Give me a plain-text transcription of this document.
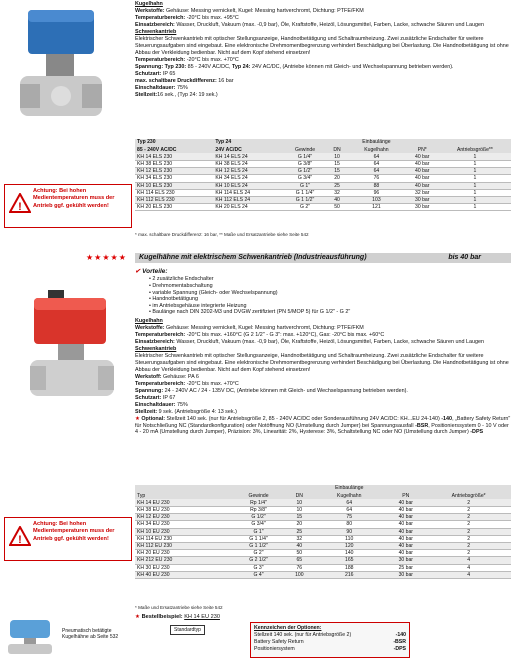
Kugelhahn

Werkstoffe: Gehäuse: Messing vernickelt, Kugel: Messing hartverchromt, Dichtung: PTFE/FKM

Temperaturbereich: -20°C bis max. +95°C

Einsatzbereich: Wasser, Druckluft, Vakuum (max. -0,9 bar), Öle, Kraftstoffe, Heizöl, Lösungsmittel, Farben, Lacke, schwache Säuren und Laugen

Schwenkantrieb

Elektrischer Schwenkantrieb mit optischer Stellungsanzeige, Handnotbetätigung und Schaltraumheizung. Zwei zusätzliche Endschalter für weitere Steuerungsaufgaben sind eingebaut. Eine elektronische Drehmomentbegrenzung verhindert Beschädigung bei Überlastung. Die Handnotbetätigung ist ohne Abbau der Verkleidung bedienbar. Nicht auf dem Kopf stehend einsetzen!

Temperaturbereich: -20°C bis max. +70°C

Spannung: Typ 230: 85 - 240V AC/DC, Typ 24: 24V AC/DC, (Antriebe können mit Gleich- und Wechselspannung betrieben werden).

Schutzart: IP 65

max. schaltbare Druckdifferenz: 16 bar

Einschaltdauer: 75%

Stellzeit:16 sek., (Typ 24: 19 sek.)

Typ 230	Typ 24			Einbaulänge		
85 - 240V AC/DC	24V AC/DC	Gewinde	DN	Kugelhahn	PN*	Antriebsgröße**
KH 14 ELS 230	KH 14 ELS 24	G 1/4"	10	64	40 bar	1
KH 38 ELS 230	KH 38 ELS 24	G 3/8"	15	64	40 bar	1
KH 12 ELS 230	KH 12 ELS 24	G 1/2"	15	64	40 bar	1
KH 34 ELS 230	KH 34 ELS 24	G 3/4"	20	76	40 bar	1
KH 10 ELS 230	KH 10 ELS 24	G 1"	25	88	40 bar	1
KH 114 ELS 230	KH 114 ELS 24	G 1 1/4"	32	96	32 bar	1
KH 112 ELS 230	KH 112 ELS 24	G 1 1/2"	40	103	30 bar	1
KH 20 ELS 230	KH 20 ELS 24	G 2"	50	121	30 bar	1
* max. schaltbare Druckdifferenz: 16 bar, ** Maße und Ersatzantriebe siehe Seite 542
!
Achtung: Bei hohen Medientemperaturen muss der Antrieb ggf. gekühlt werden!
★★★★★	Kugelhähne mit elektrischem Schwenkantrieb (Industrieausführung)	bis 40 bar

✔ Vorteile:

• 2 zusätzliche Endschalter
• Drehmomentabschaltung
• variable Spannung (Gleich- oder Wechselspannung)
• Handnotbetätigung
• im Antriebsgehäuse integrierte Heizung
• Baulänge nach DIN 3202-M3 und DVGW zertifiziert (PN 5/MOP 5) für G 1/2" - G 2"

Kugelhahn

Werkstoffe: Gehäuse: Messing vernickelt, Kugel: Messing hartverchromt, Dichtung: PTFE/FKM

Temperaturbereich: -20°C bis max. +160°C (G 2 1/2" - G 3": max. +120°C), Gas: -20°C bis max. +60°C

Einsatzbereich: Wasser, Druckluft, Vakuum (max. -0,9 bar), Öle, Kraftstoffe, Heizöl, Lösungsmittel, Farben, Lacke, schwache Säuren und Laugen

Schwenkantrieb

Elektrischer Schwenkantrieb mit optischer Stellungsanzeige, Handnotbetätigung und Schaltraumheizung. Zwei zusätzliche Endschalter für weitere Steuerungsaufgaben sind eingebaut. Eine elektronische Drehmomentbegrenzung verhindert Beschädigung bei Überlastung. Die Handnotbetätigung ist ohne Abbau der Verkleidung bedienbar. Nicht auf dem Kopf stehend einsetzen!

Werkstoff: Gehäuse: PA 6

Temperaturbereich: -20°C bis max. +70°C

Spannung: 24 - 240V AC / 24 - 135V DC, (Antriebe können mit Gleich- und Wechselspannung betrieben werden).

Schutzart: IP 67

Einschaltdauer: 75%

Stellzeit: 9 sek. (Antriebsgröße 4: 13 sek.)

★ Optional: Stellzeit 140 sek. (nur für Antriebsgröße 2, 85 - 240V AC/DC oder Sonderausführung 24V AC/DC: KH...EU 24-140) -140, „Battery Safety Return" für Notschließung NC (Standardkonfiguration) oder Notöffnung NO (Umstellung durch Jumper) bei Spannungsausfall -BSR, Positionierssystem 0 - 10 V oder 4 - 20 mA (Umstellung durch Jumper), Präzision: 3%, Linearität: 2%, Hysterese: 3%, Schaltstellung NC oder NO (Umstellung durch Jumper) -DPS

				Einbaulänge		
Typ		Gewinde	DN	Kugelhahn	PN	Antriebsgröße*
KH 14 EU 230		Rp 1/4"	10	64	40 bar	2
KH 38 EU 230		Rp 3/8"	10	64	40 bar	2
KH 12 EU 230		G 1/2"	15	75	40 bar	2
KH 34 EU 230		G 3/4"	20	80	40 bar	2
KH 10 EU 230		G 1"	25	90	40 bar	2
KH 114 EU 230		G 1 1/4"	32	110	40 bar	2
KH 112 EU 230		G 1 1/2"	40	120	40 bar	2
KH 20 EU 230		G 2"	50	140	40 bar	2
KH 212 EU 230		G 2 1/2"	65	165	30 bar	4
KH 30 EU 230		G 3"	76	188	25 bar	4
KH 40 EU 230		G 4"	100	216	30 bar	4
* Maße und Ersatzantriebe siehe Seite 542
!
Achtung: Bei hohen Medientemperaturen muss der Antrieb ggf. gekühlt werden!
★ Bestellbeispiel: KH 14 EU 230
Standardtyp	Kennzeichen der Optionen:
Stellzeit 140 sek. (nur für Antriebsgröße 2)	-140
Battery Safety Return	-BSR
Positioniersystem	-DPS
Pneumatisch betätigte Kugelhähne ab Seite 532
